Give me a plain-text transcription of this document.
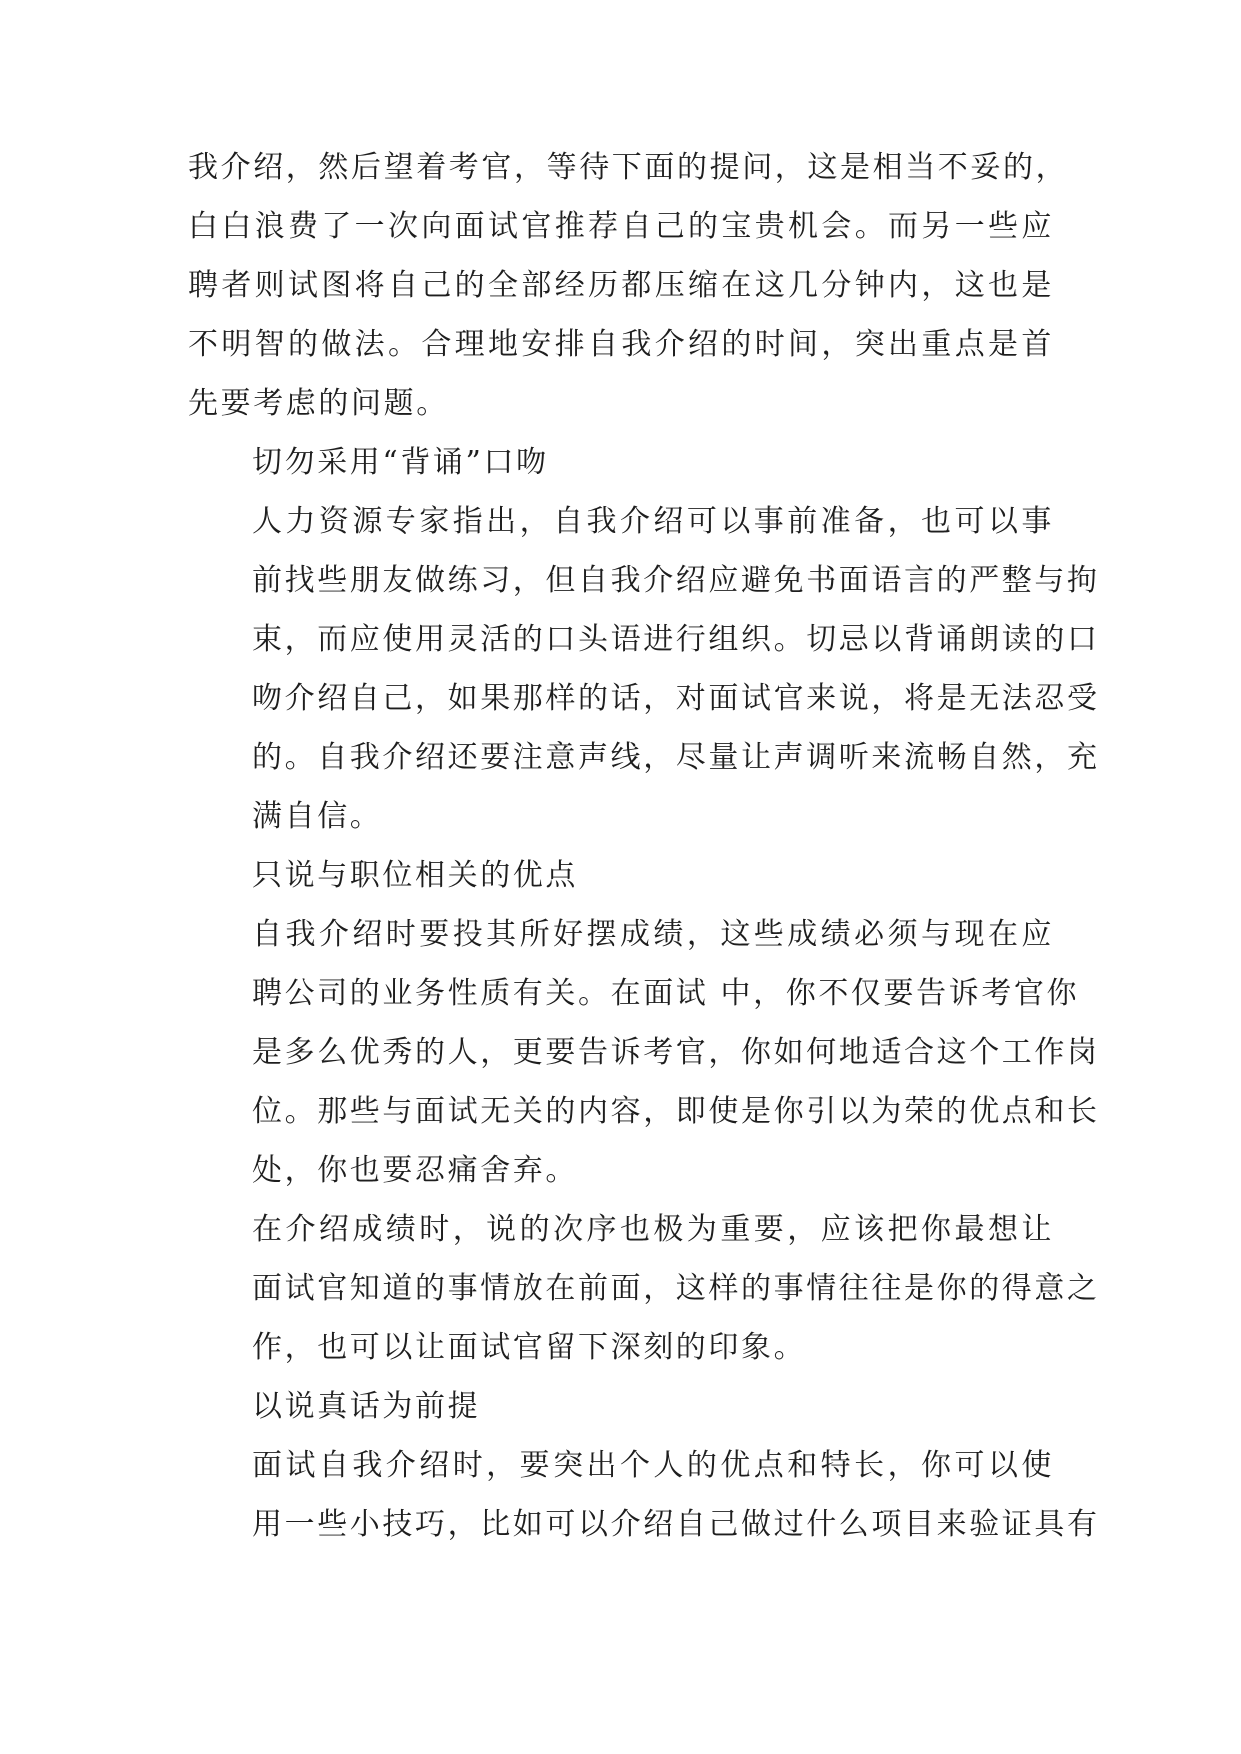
我介绍，然后望着考官，等待下面的提问，这是相当不妥的，
白白浪费了一次向面试官推荐自己的宝贵机会。而另一些应
聘者则试图将自己的全部经历都压缩在这几分钟内，这也是
不明智的做法。合理地安排自我介绍的时间，突出重点是首
先要考虑的问题。

切勿采用“背诵”口吻

人力资源专家指出，自我介绍可以事前准备，也可以事
前找些朋友做练习，但自我介绍应避免书面语言的严整与拘
束，而应使用灵活的口头语进行组织。切忌以背诵朗读的口
吻介绍自己，如果那样的话，对面试官来说，将是无法忍受
的。自我介绍还要注意声线，尽量让声调听来流畅自然，充
满自信。

只说与职位相关的优点

自我介绍时要投其所好摆成绩，这些成绩必须与现在应
聘公司的业务性质有关。在面试 中，你不仅要告诉考官你
是多么优秀的人，更要告诉考官，你如何地适合这个工作岗
位。那些与面试无关的内容，即使是你引以为荣的优点和长
处，你也要忍痛舍弃。

在介绍成绩时，说的次序也极为重要，应该把你最想让
面试官知道的事情放在前面，这样的事情往往是你的得意之
作，也可以让面试官留下深刻的印象。

以说真话为前提

面试自我介绍时，要突出个人的优点和特长，你可以使
用一些小技巧，比如可以介绍自己做过什么项目来验证具有
